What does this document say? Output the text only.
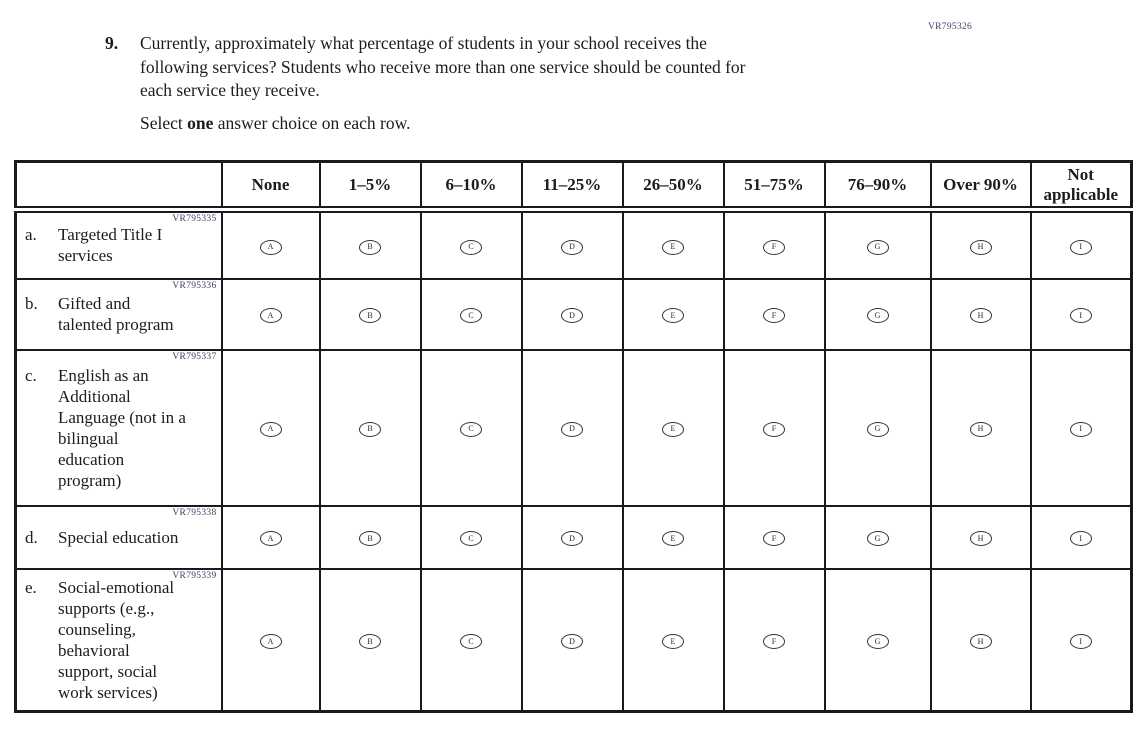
VR795326
9.	Currently, approximately what percentage of students in your school receives the
following services? Students who receive more than one service should be counted for
each service they receive.
Select one answer choice on each row.
	None	1–5%	6–10%	11–25%	26–50%	51–75%	76–90%	Over 90%	Not applicable

VR795335
a. Targeted Title I
services	A	B	C	D	E	F	G	H	I

VR795336
b. Gifted and
talented program	A	B	C	D	E	F	G	H	I

VR795337
c.	English as an
Additional
Language (not in a
bilingual
education
program)
	A	B	C	D	E	F	G	H	I

VR795338
d. Special education	A	B	C	D	E	F	G	H	I

VR795339
e.	Social-emotional
supports (e.g.,
counseling,
behavioral
support, social
work services)
	A	B	C	D	E	F	G	H	I
